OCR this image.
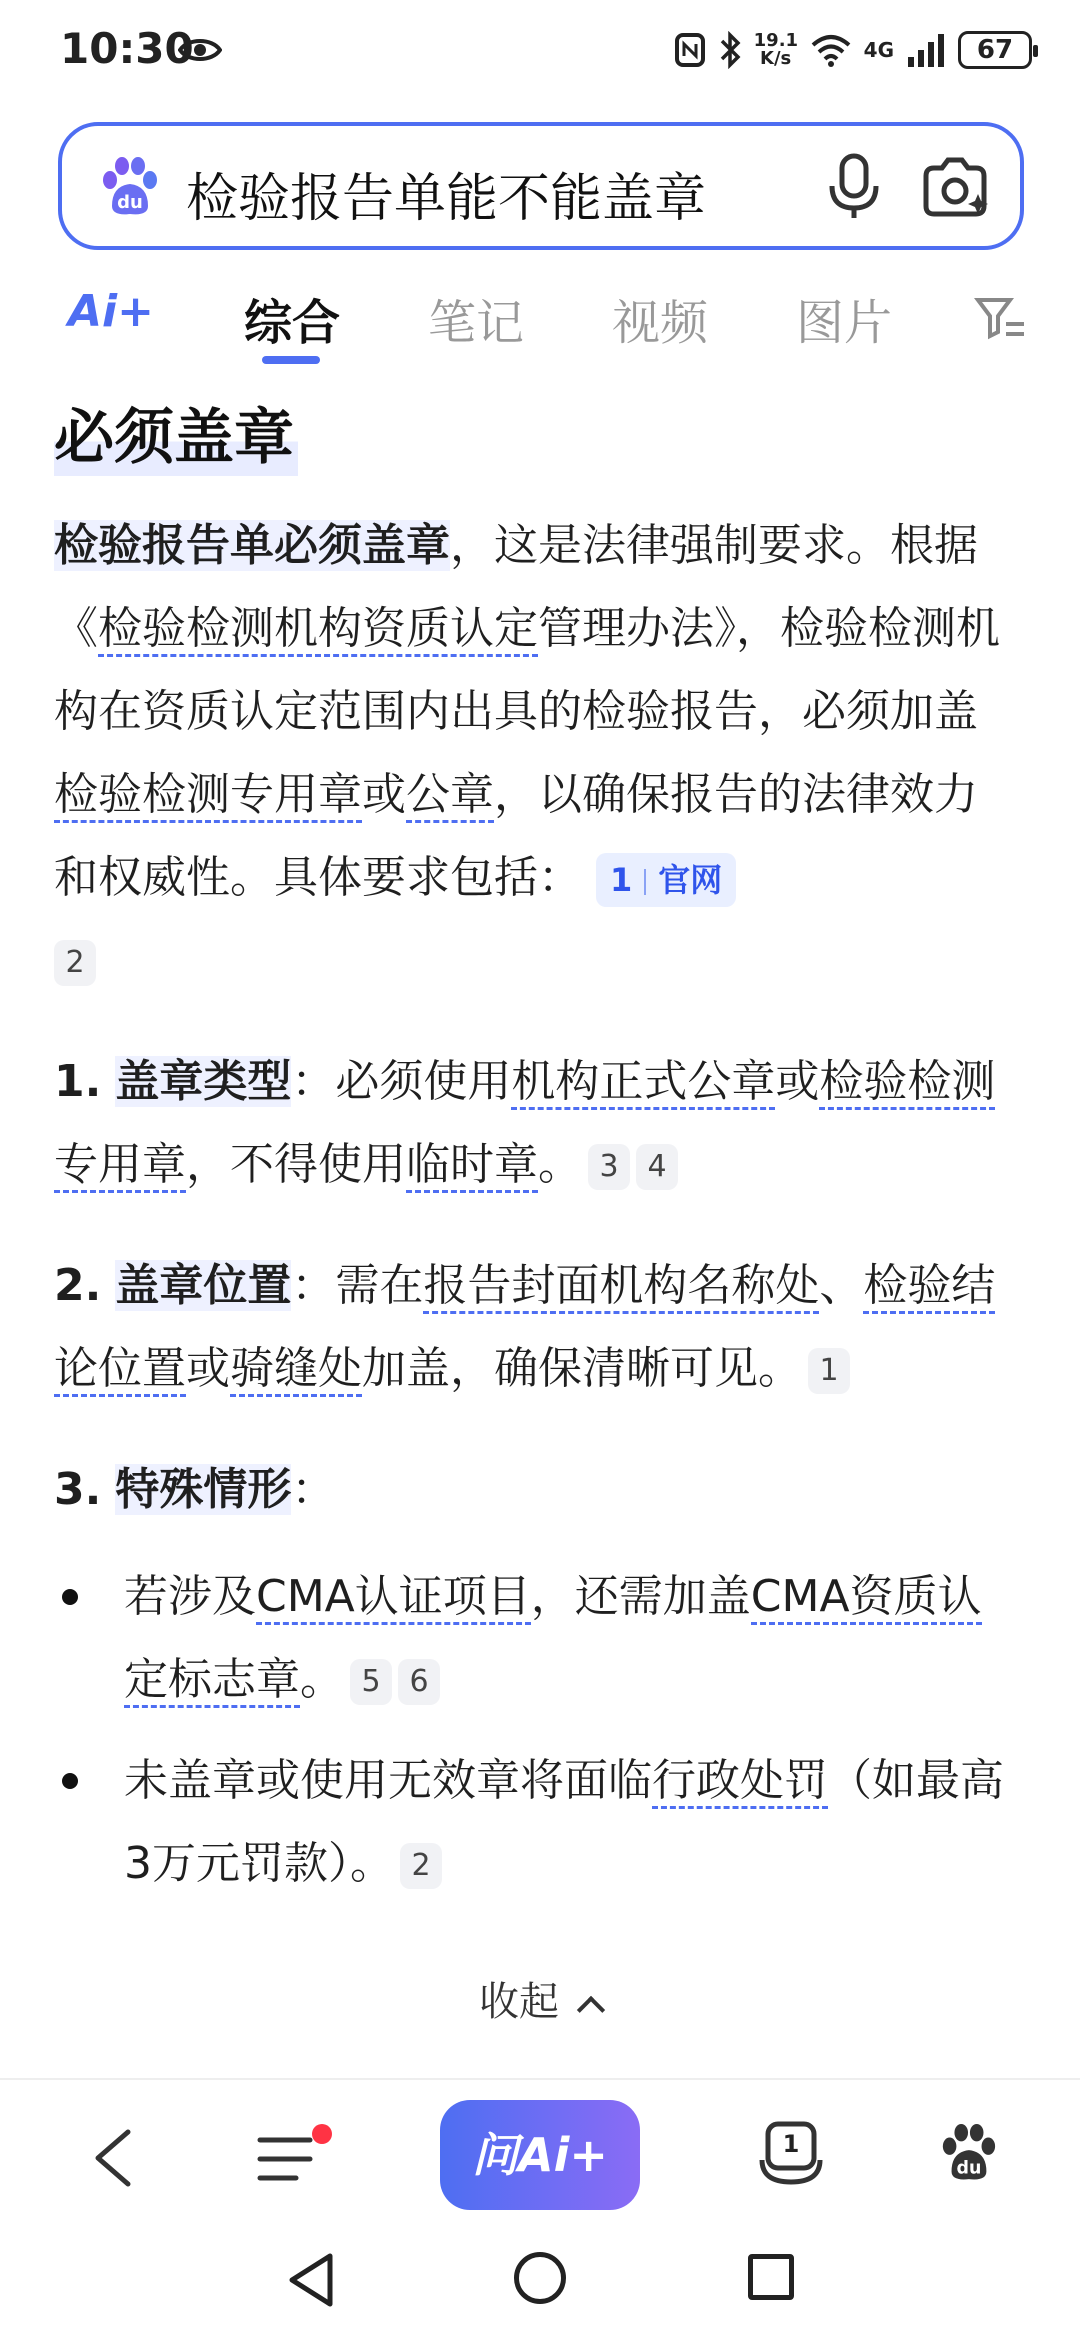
10:30	19.1 K/s	4G	67
du 检验报告单能不能盖章
Ai+ 综合 笔记 视频 图片
必须盖章

检验报告单必须盖章，这是法律强制要求。根据《检验检测机构资质认定管理办法》，检验检测机构在资质认定范围内出具的检验报告，必须加盖检验检测专用章或公章，以确保报告的法律效力和权威性。具体要求包括： 1 官网
2

1. 盖章类型：必须使用机构正式公章或检验检测专用章，不得使用临时章。 3 4

2. 盖章位置：需在报告封面机构名称处、检验结论位置或骑缝处加盖，确保清晰可见。 1

3. 特殊情形：

若涉及CMA认证项目，还需加盖CMA资质认定标志章。 5 6

未盖章或使用无效章将面临行政处罚（如最高3万元罚款）。 2

收起
问Ai+	1
du
